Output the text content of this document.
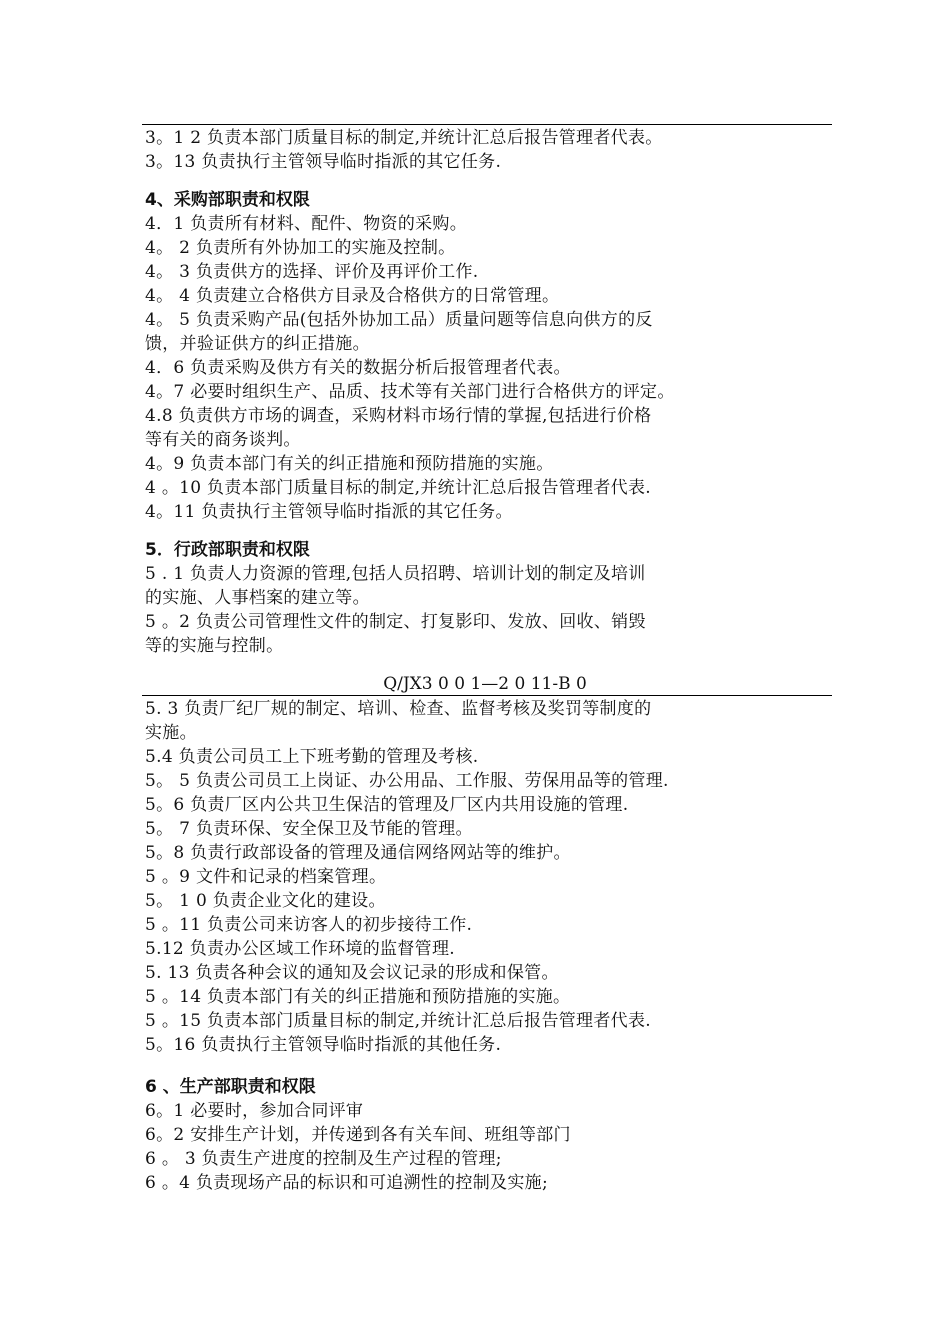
3。1 2 负责本部门质量目标的制定,并统计汇总后报告管理者代表。
3。13 负责执行主管领导临时指派的其它任务.
4、采购部职责和权限
4．1 负责所有材料、配件、物资的采购。
4。 2 负责所有外协加工的实施及控制。
4。 3 负责供方的选择、评价及再评价工作.
4。 4 负责建立合格供方目录及合格供方的日常管理。
4。 5 负责采购产品(包括外协加工品）质量问题等信息向供方的反
馈，并验证供方的纠正措施。
4．6 负责采购及供方有关的数据分析后报管理者代表。
4。7 必要时组织生产、品质、技术等有关部门进行合格供方的评定。
4.8 负责供方市场的调查，采购材料市场行情的掌握,包括进行价格
等有关的商务谈判。
4。9 负责本部门有关的纠正措施和预防措施的实施。
4 。10 负责本部门质量目标的制定,并统计汇总后报告管理者代表.
4。11 负责执行主管领导临时指派的其它任务。
5．行政部职责和权限
5 . 1 负责人力资源的管理,包括人员招聘、培训计划的制定及培训
的实施、人事档案的建立等。
5 。2 负责公司管理性文件的制定、打复影印、发放、回收、销毁
等的实施与控制。
Q/JX3 0 0 1—2 0 11-B 0
5. 3 负责厂纪厂规的制定、培训、检查、监督考核及奖罚等制度的
实施。
5.4 负责公司员工上下班考勤的管理及考核.
5。 5 负责公司员工上岗证、办公用品、工作服、劳保用品等的管理.
5。6 负责厂区内公共卫生保洁的管理及厂区内共用设施的管理.
5。 7 负责环保、安全保卫及节能的管理。
5。8 负责行政部设备的管理及通信网络网站等的维护。
5 。9 文件和记录的档案管理。
5。 1 0 负责企业文化的建设。
5 。11 负责公司来访客人的初步接待工作.
5.12 负责办公区域工作环境的监督管理.
5. 13 负责各种会议的通知及会议记录的形成和保管。
5 。14 负责本部门有关的纠正措施和预防措施的实施。
5 。15 负责本部门质量目标的制定,并统计汇总后报告管理者代表.
5。16 负责执行主管领导临时指派的其他任务.
6 、生产部职责和权限
6。1 必要时，参加合同评审
6。2 安排生产计划，并传递到各有关车间、班组等部门
6 。 3 负责生产进度的控制及生产过程的管理;
6 。4 负责现场产品的标识和可追溯性的控制及实施;
